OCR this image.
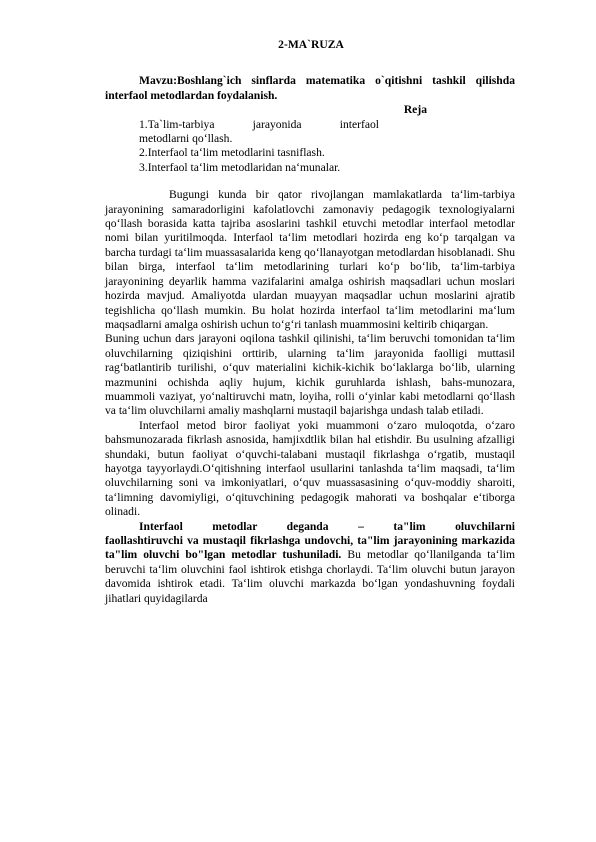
2-MA`RUZA

Mavzu:Boshlang`ich sinflarda matematika o`qitishni tashkil qilishda interfaol metodlardan foydalanish.

Reja

1.Ta`lim-tarbiya jarayonida interfaol
metodlarni qo‘llash.
2.Interfaol ta‘lim metodlarini tasniflash.
3.Interfaol ta‘lim metodlaridan na‘munalar.

Bugungi kunda bir qator rivojlangan mamlakatlarda ta‘lim-tarbiya jarayonining samaradorligini kafolatlovchi zamonaviy pedagogik texnologiyalarni qo‘llash borasida katta tajriba asoslarini tashkil etuvchi metodlar interfaol metodlar nomi bilan yuritilmoqda. Interfaol ta‘lim metodlari hozirda eng ko‘p tarqalgan va barcha turdagi ta‘lim muassasalarida keng qo‘llanayotgan metodlardan hisoblanadi. Shu bilan birga, interfaol ta‘lim metodlarining turlari ko‘p bo‘lib, ta‘lim-tarbiya jarayonining deyarlik hamma vazifalarini amalga oshirish maqsadlari uchun moslari hozirda mavjud. Amaliyotda ulardan muayyan maqsadlar uchun moslarini ajratib tegishlicha qo‘llash mumkin. Bu holat hozirda interfaol ta‘lim metodlarini ma‘lum maqsadlarni amalga oshirish uchun to‘g‘ri tanlash muammosini keltirib chiqargan.

Buning uchun dars jarayoni oqilona tashkil qilinishi, ta‘lim beruvchi tomonidan ta‘lim oluvchilarning qiziqishini orttirib, ularning ta‘lim jarayonida faolligi muttasil rag‘batlantirib turilishi, o‘quv materialini kichik-kichik bo‘laklarga bo‘lib, ularning mazmunini ochishda aqliy hujum, kichik guruhlarda ishlash, bahs-munozara, muammoli vaziyat, yo‘naltiruvchi matn, loyiha, rolli o‘yinlar kabi metodlarni qo‘llash va ta‘lim oluvchilarni amaliy mashqlarni mustaqil bajarishga undash talab etiladi.

Interfaol metod biror faoliyat yoki muammoni o‘zaro muloqotda, o‘zaro bahsmunozarada fikrlash asnosida, hamjixdtlik bilan hal etishdir. Bu usulning afzalligi shundaki, butun faoliyat o‘quvchi-talabani mustaqil fikrlashga o‘rgatib, mustaqil hayotga tayyorlaydi.O‘qitishning interfaol usullarini tanlashda ta‘lim maqsadi, ta‘lim oluvchilarning soni va imkoniyatlari, o‘quv muassasasining o‘quv-moddiy sharoiti, ta‘limning davomiyligi, o‘qituvchining pedagogik mahorati va boshqalar e‘tiborga olinadi.

Interfaol metodlar deganda – ta"lim oluvchilarni
faollashtiruvchi va mustaqil fikrlashga undovchi, ta"lim jarayonining markazida ta"lim oluvchi bo"lgan metodlar tushuniladi. Bu metodlar qo‘llanilganda ta‘lim beruvchi ta‘lim oluvchini faol ishtirok etishga chorlaydi. Ta‘lim oluvchi butun jarayon davomida ishtirok etadi. Ta‘lim oluvchi markazda bo‘lgan yondashuvning foydali jihatlari quyidagilarda
